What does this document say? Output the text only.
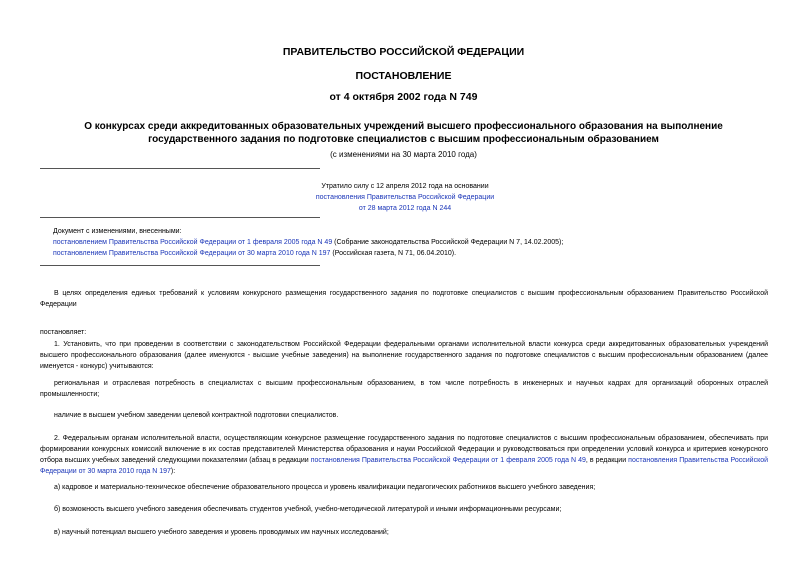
ПРАВИТЕЛЬСТВО РОССИЙСКОЙ ФЕДЕРАЦИИ
ПОСТАНОВЛЕНИЕ
от 4 октября 2002 года N 749
О конкурсах среди аккредитованных образовательных учреждений высшего профессионального образования на выполнение государственного задания по подготовке специалистов с высшим профессиональным образованием
(с изменениями на 30 марта 2010 года)
Утратило силу с 12 апреля 2012 года на основании
постановления Правительства Российской Федерации
от 28 марта 2012 года N 244
Документ с изменениями, внесенными:
постановлением Правительства Российской Федерации от 1 февраля 2005 года N 49 (Собрание законодательства Российской Федерации N 7, 14.02.2005);
постановлением Правительства Российской Федерации от 30 марта 2010 года N 197 (Российская газета, N 71, 06.04.2010).
В целях определения единых требований к условиям конкурсного размещения государственного задания по подготовке специалистов с высшим профессиональным образованием Правительство Российской Федерации
постановляет:
1. Установить, что при проведении в соответствии с законодательством Российской Федерации федеральными органами исполнительной власти конкурса среди аккредитованных образовательных учреждений высшего профессионального образования (далее именуются - высшие учебные заведения) на выполнение государственного задания по подготовке специалистов с высшим профессиональным образованием (далее именуется - конкурс) учитываются:
региональная и отраслевая потребность в специалистах с высшим профессиональным образованием, в том числе потребность в инженерных и научных кадрах для организаций оборонных отраслей промышленности;
наличие в высшем учебном заведении целевой контрактной подготовки специалистов.
2. Федеральным органам исполнительной власти, осуществляющим конкурсное размещение государственного задания по подготовке специалистов с высшим профессиональным образованием, обеспечивать при формировании конкурсных комиссий включение в их состав представителей Министерства образования и науки Российской Федерации и руководствоваться при определении условий конкурса и критериев конкурсного отбора высших учебных заведений следующими показателями (абзац в редакции постановления Правительства Российской Федерации от 1 февраля 2005 года N 49, в редакции постановления Правительства Российской Федерации от 30 марта 2010 года N 197):
а) кадровое и материально-техническое обеспечение образовательного процесса и уровень квалификации педагогических работников высшего учебного заведения;
б) возможность высшего учебного заведения обеспечивать студентов учебной, учебно-методической литературой и иными информационными ресурсами;
в) научный потенциал высшего учебного заведения и уровень проводимых им научных исследований;
